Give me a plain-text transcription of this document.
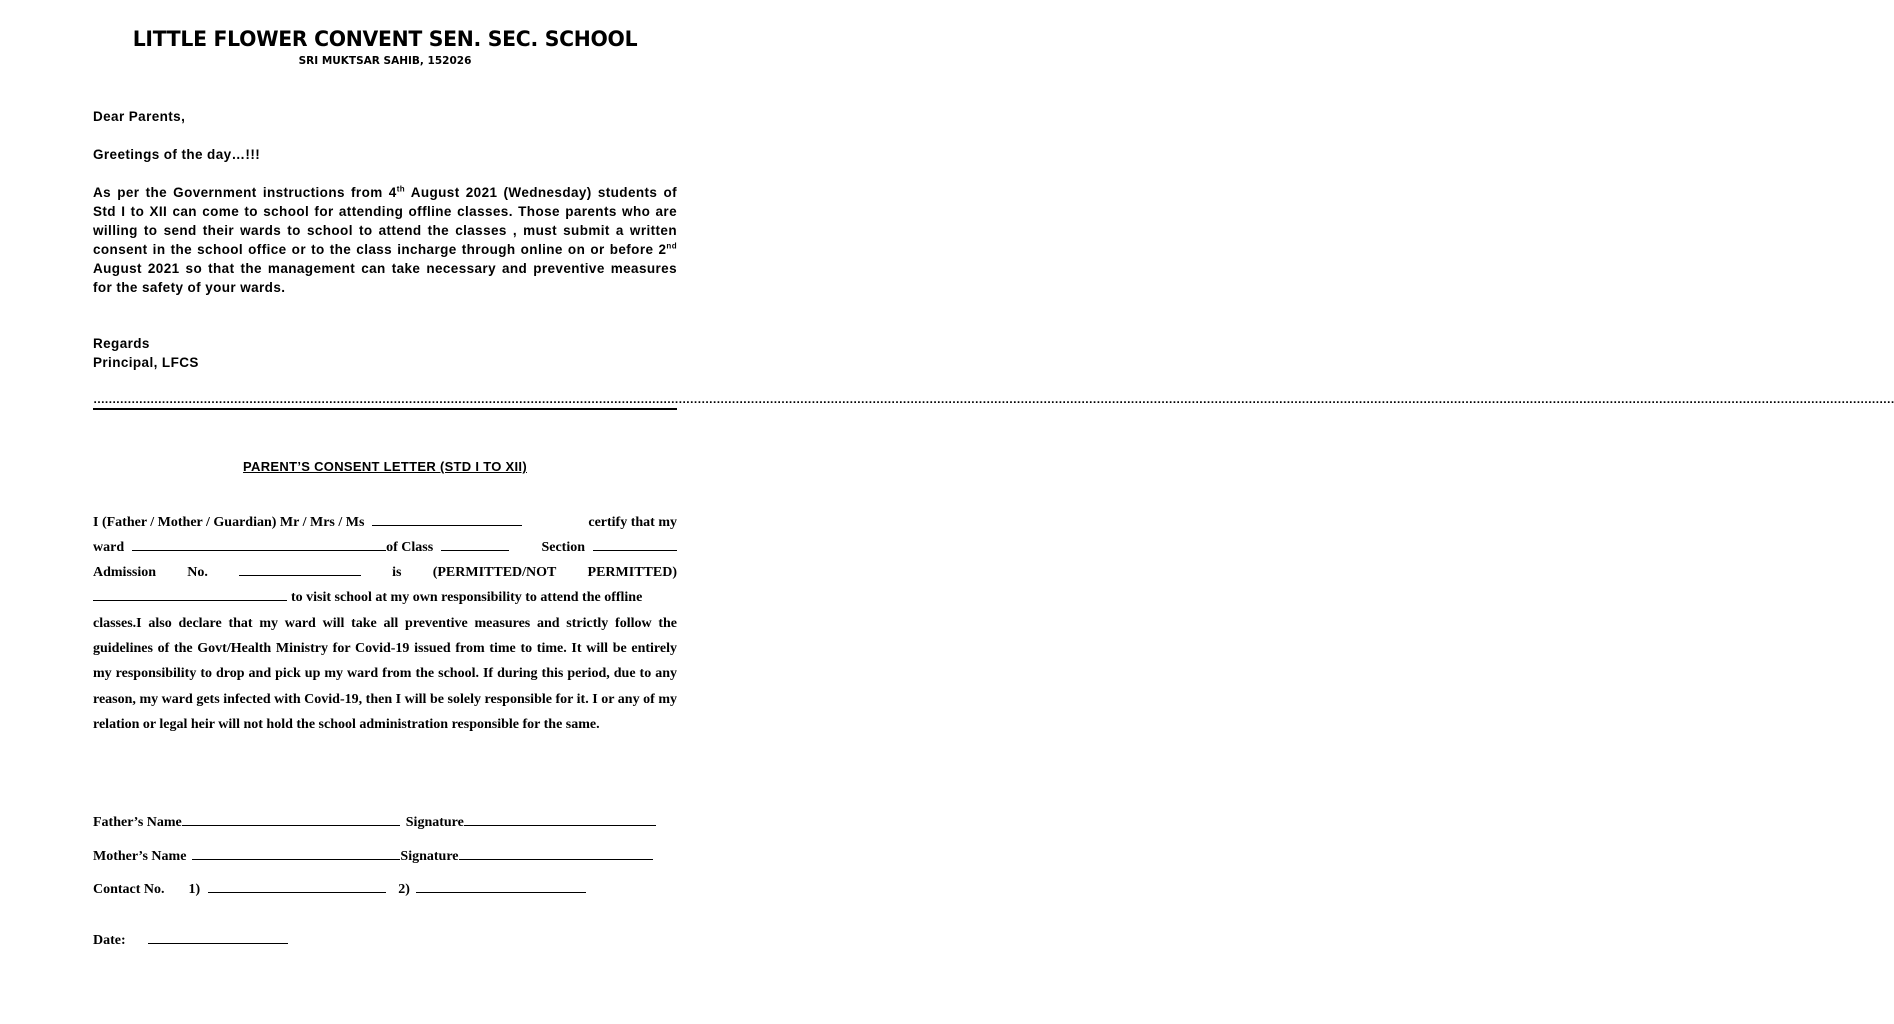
LITTLE FLOWER CONVENT SEN. SEC. SCHOOL
SRI MUKTSAR SAHIB, 152026
Dear Parents,
Greetings of the day…!!!
As per the Government instructions from 4th August 2021 (Wednesday) students of Std I to XII can come to school for attending offline classes. Those parents who are willing to send their wards to school to attend the classes , must submit a written consent in the school office or to the class incharge through online on or before 2nd August 2021 so that the management can take necessary and preventive measures for the safety of your wards.
Regards
Principal, LFCS
……………………………………………………………………………………………………………………………………………………………………………………………………………………………………………………………………………………………………………………………………………………………………………………………………………………………………
PARENT’S CONSENT LETTER (STD I TO XII)
I (Father / Mother / Guardian) Mr / Mrs / Ms	certify that my
ward	of Class	Section
Admission No.	is (PERMITTED/NOT PERMITTED)
to visit school at my own responsibility to attend the offline
classes.I also declare that my ward will take all preventive measures and strictly follow the guidelines of the Govt/Health Ministry for Covid-19 issued from time to time. It will be entirely my responsibility to drop and pick up my ward from the school. If during this period, due to any reason, my ward gets infected with Covid-19, then I will be solely responsible for it. I or any of my relation or legal heir will not hold the school administration responsible for the same.
Father’s Name	Signature
Mother’s Name	Signature
Contact No. 1)	2)
Date:
